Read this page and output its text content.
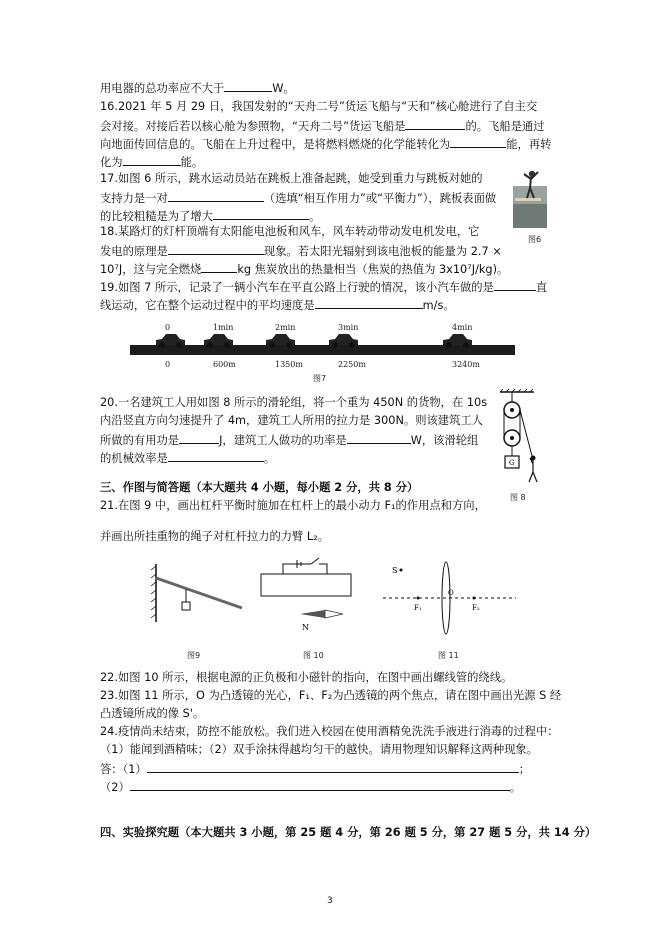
用电器的总功率应不大于	W。
16.2021 年 5 月 29 日，我国发射的“天舟二号”货运飞船与“天和”核心舱进行了自主交
会对接。对接后若以核心舱为参照物，“天舟二号”货运飞船是	的。飞船是通过
向地面传回信息的。飞船在上升过程中，是将燃料燃烧的化学能转化为	能，再转
化为	能。
17.如图 6 所示，跳水运动员站在跳板上准备起跳，她受到重力与跳板对她的
支持力是一对	（选填“相互作用力”或“平衡力”），跳板表面做
的比较粗糙是为了增大	。
图6
18.某路灯的灯杆顶端有太阳能电池板和风车，风车转动带动发电机发电，它
发电的原理是	现象。若太阳光辐射到该电池板的能量为 2.7 ×
10⁷J，这与完全燃烧	kg 焦炭放出的热量相当（焦炭的热值为 3x10⁷J/kg)。
19.如图 7 所示，记录了一辆小汽车在平直公路上行驶的情况，该小汽车做的是	直
线运动，它在整个运动过程中的平均速度是	m/s。
0
0
1min
600m
2min
1350m
3min
2250m
4min
3240m
图7
20.一名建筑工人用如图 8 所示的滑轮组，将一个重为 450N 的货物，在 10s
内沿竖直方向匀速提升了 4m，建筑工人所用的拉力是 300N。则该建筑工人
所做的有用功是	J，建筑工人做功的功率是	W，该滑轮组
的机械效率是	。	G
图 8
三、作图与简答题（本大题共 4 小题，每小题 2 分，共 8 分）
21.在图 9 中，画出杠杆平衡时施加在杠杆上的最小动力 F₁的作用点和方向，
并画出所挂重物的绳子对杠杆拉力的力臂 L₂。
图9
N
图 10
S
F₁
O
F₂
图 11
22.如图 10 所示，根据电源的正负极和小磁针的指向，在图中画出螺线管的绕线。
23.如图 11 所示，O 为凸透镜的光心，F₁、F₂为凸透镜的两个焦点，请在图中画出光源 S 经
凸透镜所成的像 S'。
24.疫情尚未结束，防控不能放松。我们进入校园在使用酒精免洗洗手液进行消毒的过程中：
（1）能闻到酒精味；（2）双手涂抹得越均匀干的越快。请用物理知识解释这两种现象。
答：（1）	；
（2）	。
四、实验探究题（本大题共 3 小题，第 25 题 4 分，第 26 题 5 分，第 27 题 5 分，共 14 分）
3
